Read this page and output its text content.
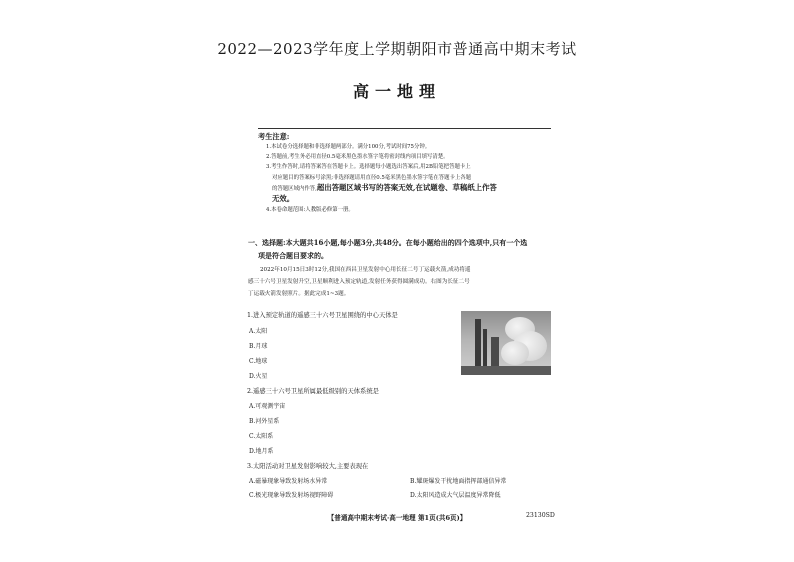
2022—2023学年度上学期朝阳市普通高中期末考试
高一地理
考生注意:
1.本试卷分选择题和非选择题两部分。满分100分,考试时间75分钟。
2.答题前,考生务必用直径0.5毫米黑色墨水签字笔将密封线内项目填写清楚。
3.考生作答时,请将答案答在答题卡上。选择题每小题选出答案后,用2B铅笔把答题卡上
对应题目的答案标号涂黑;非选择题请用直径0.5毫米黑色墨水签字笔在答题卡上各题
的答题区域内作答,超出答题区域书写的答案无效,在试题卷、草稿纸上作答
无效。
4.本卷命题范围:人教版必修第一册。
一、选择题:本大题共16小题,每小题3分,共48分。在每小题给出的四个选项中,只有一个选
项是符合题目要求的。
2022年10月15日3时12分,我国在西昌卫星发射中心用长征二号丁运载火箭,成功将遥
感三十六号卫星发射升空,卫星顺利进入预定轨道,发射任务获得圆满成功。右图为长征二号
丁运载火箭发射照片。据此完成1~3题。
1.进入预定轨道的遥感三十六号卫星围绕的中心天体是
A.太阳
B.月球
C.地球
D.火星
2.遥感三十六号卫星所属最低级别的天体系统是
A.可观测宇宙
B.河外星系
C.太阳系
D.地月系
3.太阳活动对卫星发射影响较大,主要表现在
A.磁暴现象导致发射场水异常	B.耀斑爆发干扰地面指挥部通信异常
C.极光现象导致发射场视野障碍	D.太阳风造成大气层温度异常降低
【普通高中期末考试·高一地理 第1页(共6页)】	23130SD
